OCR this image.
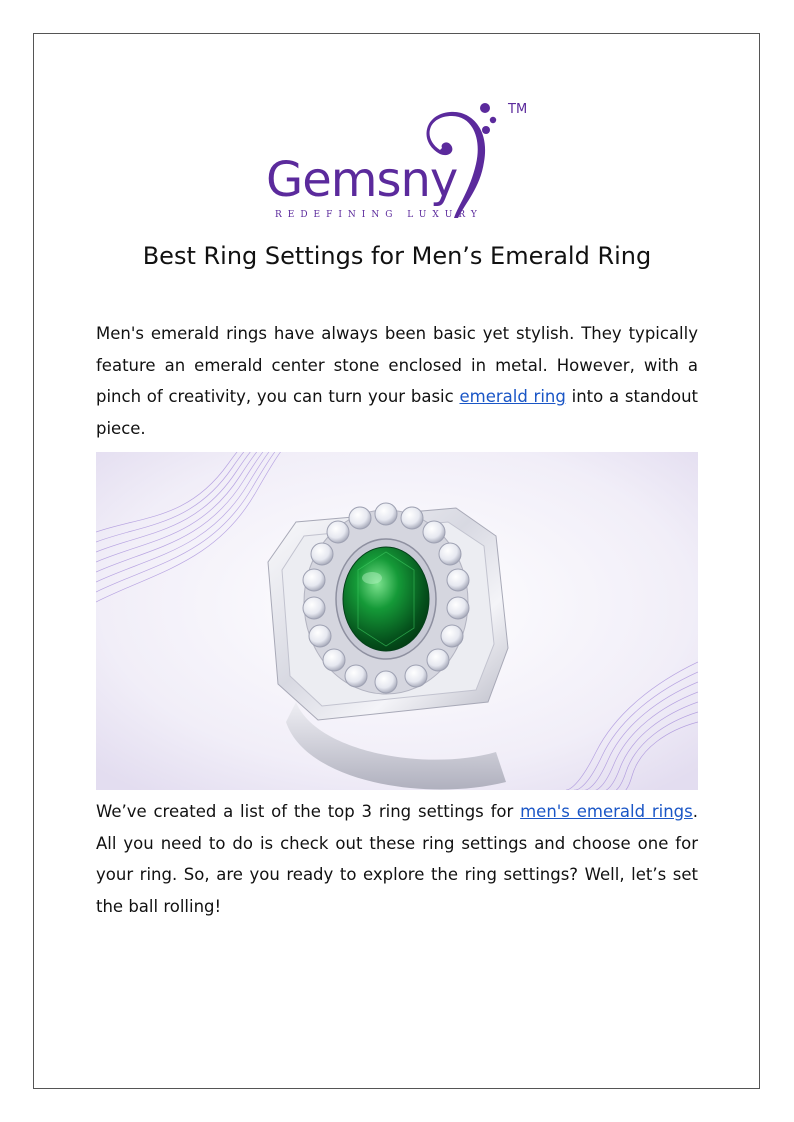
Gemsny
REDEFINING LUXURY
TM
Best Ring Settings for Men’s Emerald Ring

Men's emerald rings have always been basic yet stylish. They typically feature an emerald center stone enclosed in metal. However, with a pinch of creativity, you can turn your basic emerald ring into a standout piece.

We’ve created a list of the top 3 ring settings for men's emerald rings. All you need to do is check out these ring settings and choose one for your ring. So, are you ready to explore the ring settings? Well, let’s set the ball rolling!
